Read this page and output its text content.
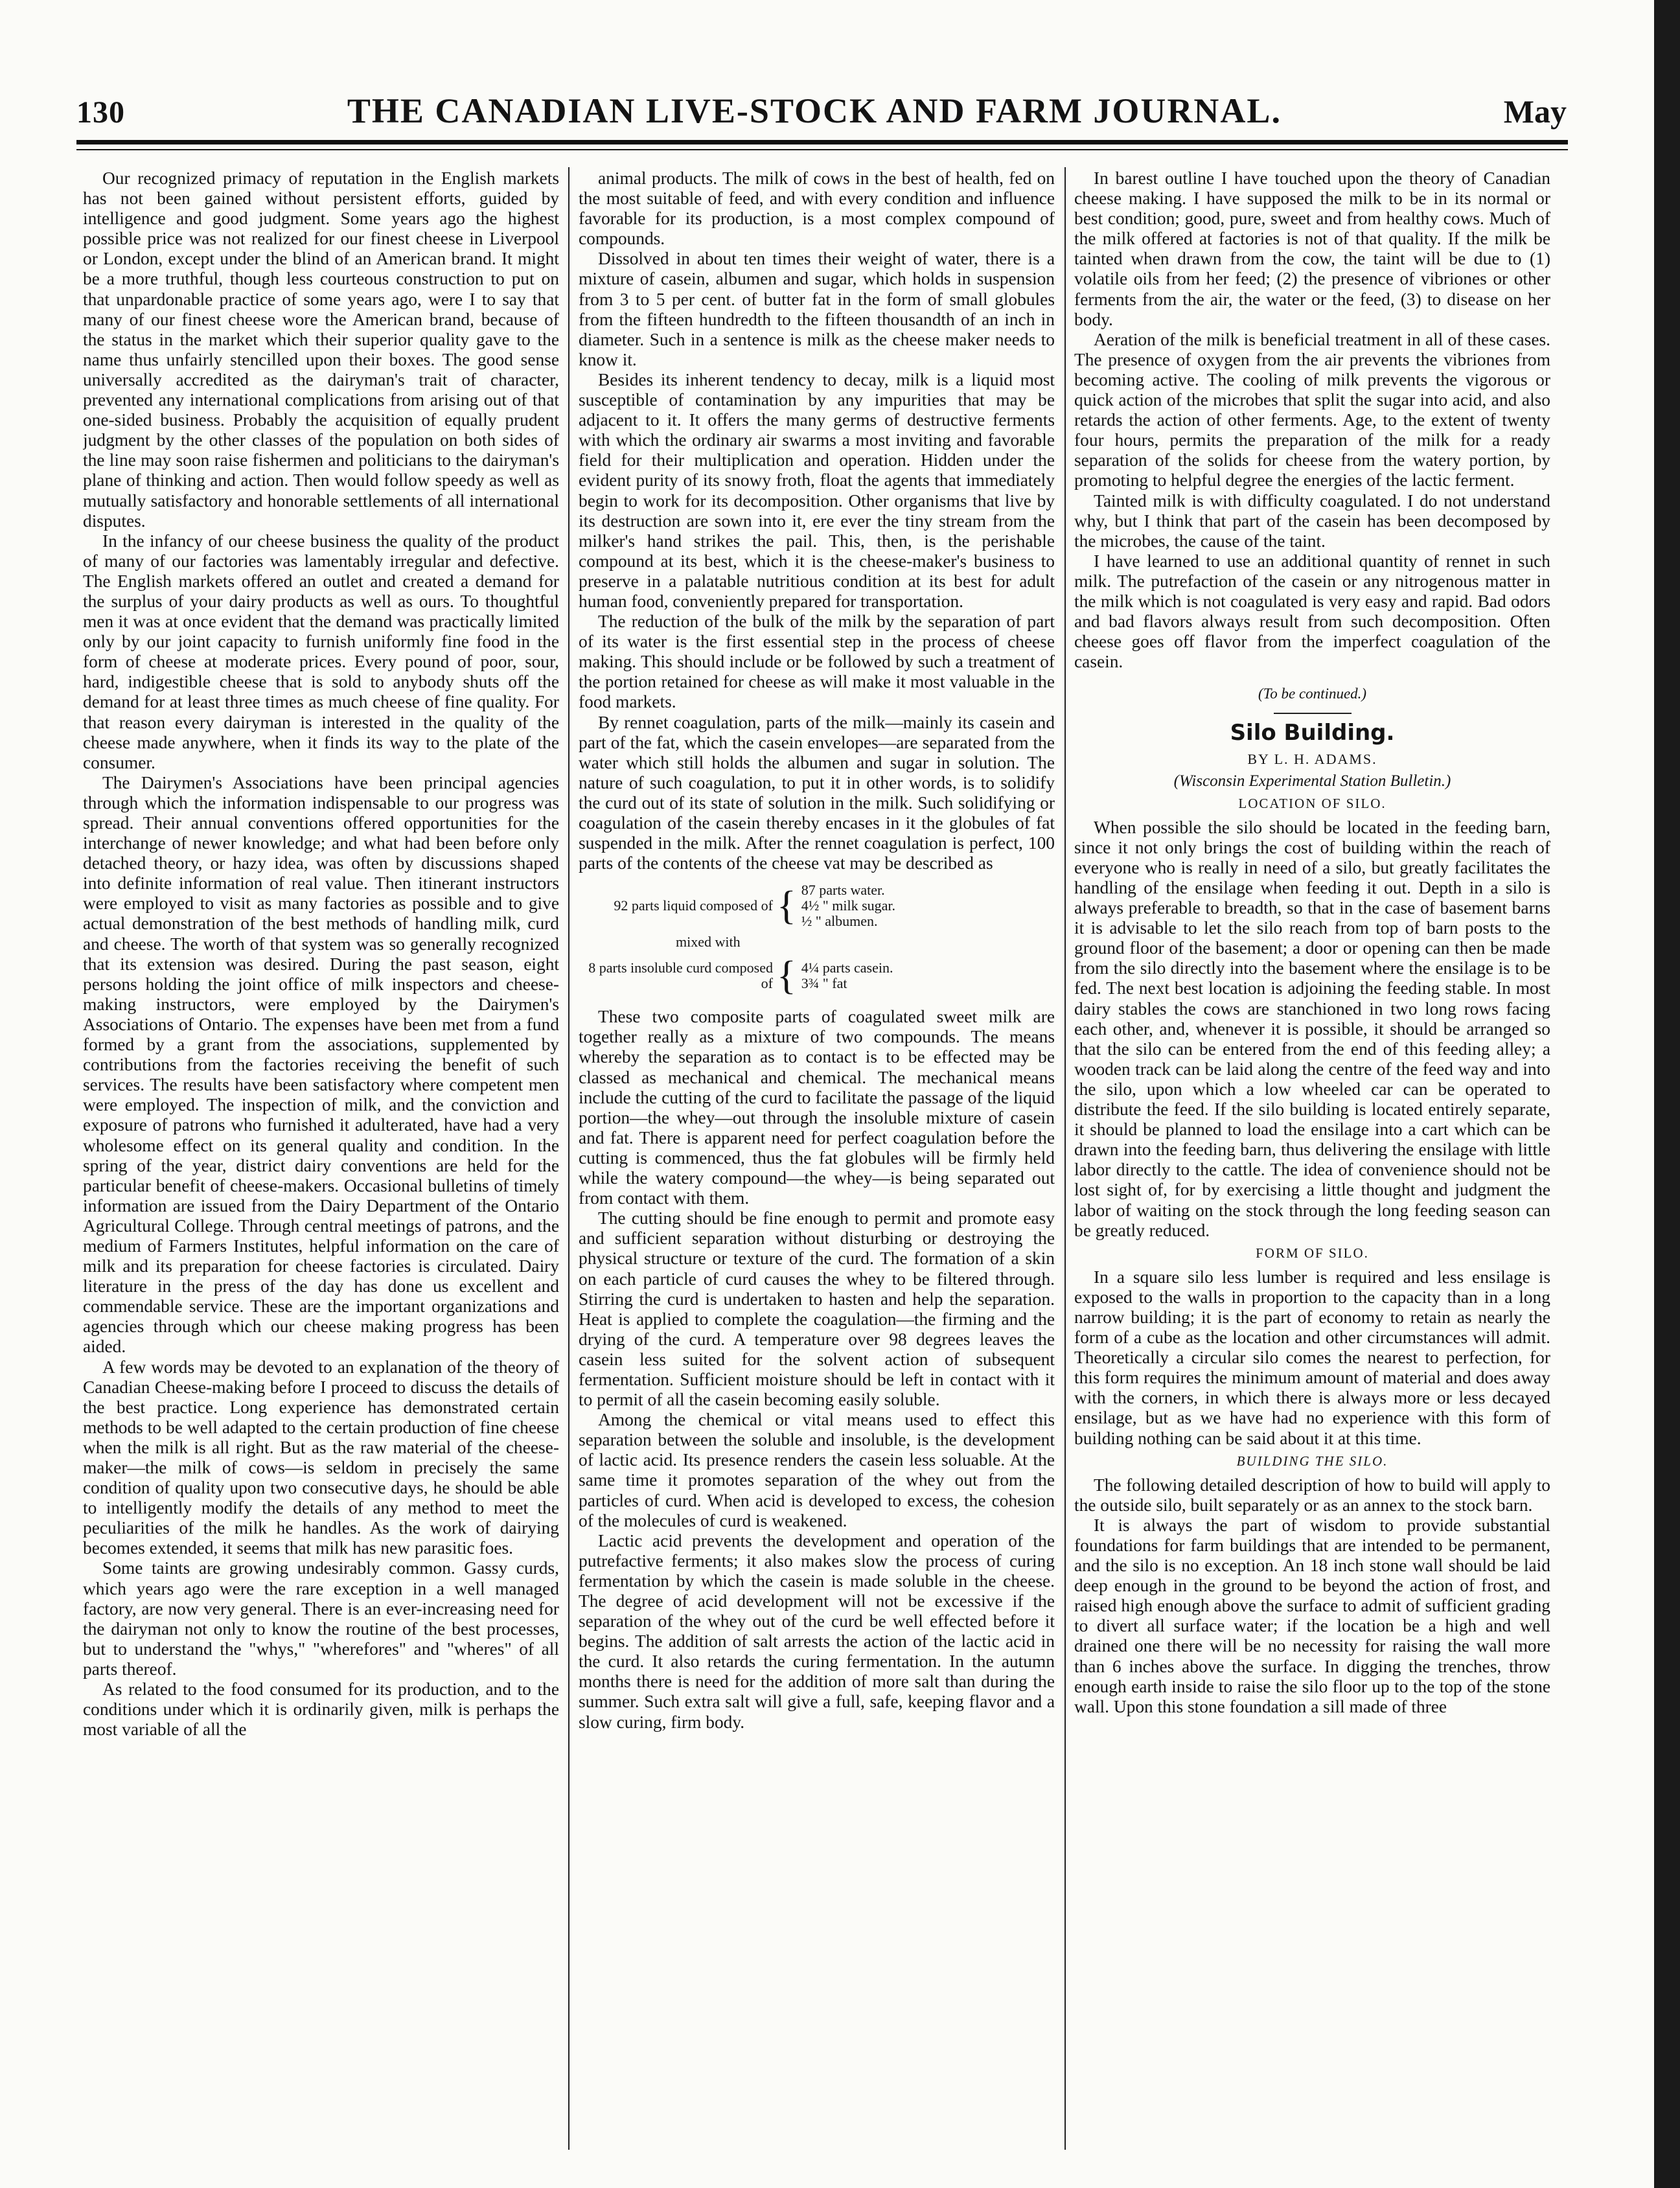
130	THE CANADIAN LIVE-STOCK AND FARM JOURNAL.	May

Our recognized primacy of reputation in the English markets has not been gained without persistent efforts, guided by intelligence and good judgment. Some years ago the highest possible price was not realized for our finest cheese in Liverpool or London, except under the blind of an American brand. It might be a more truthful, though less courteous construction to put on that unpardonable practice of some years ago, were I to say that many of our finest cheese wore the American brand, because of the status in the market which their superior quality gave to the name thus unfairly stencilled upon their boxes. The good sense universally accredited as the dairyman's trait of character, prevented any international complications from arising out of that one-sided business. Probably the acquisition of equally prudent judgment by the other classes of the population on both sides of the line may soon raise fishermen and politicians to the dairyman's plane of thinking and action. Then would follow speedy as well as mutually satisfactory and honorable settlements of all international disputes.

In the infancy of our cheese business the quality of the product of many of our factories was lamentably irregular and defective. The English markets offered an outlet and created a demand for the surplus of your dairy products as well as ours. To thoughtful men it was at once evident that the demand was practically limited only by our joint capacity to furnish uniformly fine food in the form of cheese at moderate prices. Every pound of poor, sour, hard, indigestible cheese that is sold to anybody shuts off the demand for at least three times as much cheese of fine quality. For that reason every dairyman is interested in the quality of the cheese made anywhere, when it finds its way to the plate of the consumer.

The Dairymen's Associations have been principal agencies through which the information indispensable to our progress was spread. Their annual conventions offered opportunities for the interchange of newer knowledge; and what had been before only detached theory, or hazy idea, was often by discussions shaped into definite information of real value. Then itinerant instructors were employed to visit as many factories as possible and to give actual demonstration of the best methods of handling milk, curd and cheese. The worth of that system was so generally recognized that its extension was desired. During the past season, eight persons holding the joint office of milk inspectors and cheese-making instructors, were employed by the Dairymen's Associations of Ontario. The expenses have been met from a fund formed by a grant from the associations, supplemented by contributions from the factories receiving the benefit of such services. The results have been satisfactory where competent men were employed. The inspection of milk, and the conviction and exposure of patrons who furnished it adulterated, have had a very wholesome effect on its general quality and condition. In the spring of the year, district dairy conventions are held for the particular benefit of cheese-makers. Occasional bulletins of timely information are issued from the Dairy Department of the Ontario Agricultural College. Through central meetings of patrons, and the medium of Farmers Institutes, helpful information on the care of milk and its preparation for cheese factories is circulated. Dairy literature in the press of the day has done us excellent and commendable service. These are the important organizations and agencies through which our cheese making progress has been aided.

A few words may be devoted to an explanation of the theory of Canadian Cheese-making before I proceed to discuss the details of the best practice. Long experience has demonstrated certain methods to be well adapted to the certain production of fine cheese when the milk is all right. But as the raw material of the cheese-maker—the milk of cows—is seldom in precisely the same condition of quality upon two consecutive days, he should be able to intelligently modify the details of any method to meet the peculiarities of the milk he handles. As the work of dairying becomes extended, it seems that milk has new parasitic foes.

Some taints are growing undesirably common. Gassy curds, which years ago were the rare exception in a well managed factory, are now very general. There is an ever-increasing need for the dairyman not only to know the routine of the best processes, but to understand the "whys," "wherefores" and "wheres" of all parts thereof.

As related to the food consumed for its production, and to the conditions under which it is ordinarily given, milk is perhaps the most variable of all the

animal products. The milk of cows in the best of health, fed on the most suitable of feed, and with every condition and influence favorable for its production, is a most complex compound of compounds.

Dissolved in about ten times their weight of water, there is a mixture of casein, albumen and sugar, which holds in suspension from 3 to 5 per cent. of butter fat in the form of small globules from the fifteen hundredth to the fifteen thousandth of an inch in diameter. Such in a sentence is milk as the cheese maker needs to know it.

Besides its inherent tendency to decay, milk is a liquid most susceptible of contamination by any impurities that may be adjacent to it. It offers the many germs of destructive ferments with which the ordinary air swarms a most inviting and favorable field for their multiplication and operation. Hidden under the evident purity of its snowy froth, float the agents that immediately begin to work for its decomposition. Other organisms that live by its destruction are sown into it, ere ever the tiny stream from the milker's hand strikes the pail. This, then, is the perishable compound at its best, which it is the cheese-maker's business to preserve in a palatable nutritious condition at its best for adult human food, conveniently prepared for transportation.

The reduction of the bulk of the milk by the separation of part of its water is the first essential step in the process of cheese making. This should include or be followed by such a treatment of the portion retained for cheese as will make it most valuable in the food markets.

By rennet coagulation, parts of the milk—mainly its casein and part of the fat, which the casein envelopes—are separated from the water which still holds the albumen and sugar in solution. The nature of such coagulation, to put it in other words, is to solidify the curd out of its state of solution in the milk. Such solidifying or coagulation of the casein thereby encases in it the globules of fat suspended in the milk. After the rennet coagulation is perfect, 100 parts of the contents of the cheese vat may be described as

92 parts liquid composed of { 87 parts water.
4½ " milk sugar.
½ " albumen.
mixed with
8 parts insoluble curd composed of { 4¼ parts casein.
3¾ " fat

These two composite parts of coagulated sweet milk are together really as a mixture of two compounds. The means whereby the separation as to contact is to be effected may be classed as mechanical and chemical. The mechanical means include the cutting of the curd to facilitate the passage of the liquid portion—the whey—out through the insoluble mixture of casein and fat. There is apparent need for perfect coagulation before the cutting is commenced, thus the fat globules will be firmly held while the watery compound—the whey—is being separated out from contact with them.

The cutting should be fine enough to permit and promote easy and sufficient separation without disturbing or destroying the physical structure or texture of the curd. The formation of a skin on each particle of curd causes the whey to be filtered through. Stirring the curd is undertaken to hasten and help the separation. Heat is applied to complete the coagulation—the firming and the drying of the curd. A temperature over 98 degrees leaves the casein less suited for the solvent action of subsequent fermentation. Sufficient moisture should be left in contact with it to permit of all the casein becoming easily soluble.

Among the chemical or vital means used to effect this separation between the soluble and insoluble, is the development of lactic acid. Its presence renders the casein less soluable. At the same time it promotes separation of the whey out from the particles of curd. When acid is developed to excess, the cohesion of the molecules of curd is weakened.

Lactic acid prevents the development and operation of the putrefactive ferments; it also makes slow the process of curing fermentation by which the casein is made soluble in the cheese. The degree of acid development will not be excessive if the separation of the whey out of the curd be well effected before it begins. The addition of salt arrests the action of the lactic acid in the curd. It also retards the curing fermentation. In the autumn months there is need for the addition of more salt than during the summer. Such extra salt will give a full, safe, keeping flavor and a slow curing, firm body.

In barest outline I have touched upon the theory of Canadian cheese making. I have supposed the milk to be in its normal or best condition; good, pure, sweet and from healthy cows. Much of the milk offered at factories is not of that quality. If the milk be tainted when drawn from the cow, the taint will be due to (1) volatile oils from her feed; (2) the presence of vibriones or other ferments from the air, the water or the feed, (3) to disease on her body.

Aeration of the milk is beneficial treatment in all of these cases. The presence of oxygen from the air prevents the vibriones from becoming active. The cooling of milk prevents the vigorous or quick action of the microbes that split the sugar into acid, and also retards the action of other ferments. Age, to the extent of twenty four hours, permits the preparation of the milk for a ready separation of the solids for cheese from the watery portion, by promoting to helpful degree the energies of the lactic ferment.

Tainted milk is with difficulty coagulated. I do not understand why, but I think that part of the casein has been decomposed by the microbes, the cause of the taint.

I have learned to use an additional quantity of rennet in such milk. The putrefaction of the casein or any nitrogenous matter in the milk which is not coagulated is very easy and rapid. Bad odors and bad flavors always result from such decomposition. Often cheese goes off flavor from the imperfect coagulation of the casein.

(To be continued.)
Silo Building.
BY L. H. ADAMS.
(Wisconsin Experimental Station Bulletin.)
LOCATION OF SILO.

When possible the silo should be located in the feeding barn, since it not only brings the cost of building within the reach of everyone who is really in need of a silo, but greatly facilitates the handling of the ensilage when feeding it out. Depth in a silo is always preferable to breadth, so that in the case of basement barns it is advisable to let the silo reach from top of barn posts to the ground floor of the basement; a door or opening can then be made from the silo directly into the basement where the ensilage is to be fed. The next best location is adjoining the feeding stable. In most dairy stables the cows are stanchioned in two long rows facing each other, and, whenever it is possible, it should be arranged so that the silo can be entered from the end of this feeding alley; a wooden track can be laid along the centre of the feed way and into the silo, upon which a low wheeled car can be operated to distribute the feed. If the silo building is located entirely separate, it should be planned to load the ensilage into a cart which can be drawn into the feeding barn, thus delivering the ensilage with little labor directly to the cattle. The idea of convenience should not be lost sight of, for by exercising a little thought and judgment the labor of waiting on the stock through the long feeding season can be greatly reduced.

FORM OF SILO.

In a square silo less lumber is required and less ensilage is exposed to the walls in proportion to the capacity than in a long narrow building; it is the part of economy to retain as nearly the form of a cube as the location and other circumstances will admit. Theoretically a circular silo comes the nearest to perfection, for this form requires the minimum amount of material and does away with the corners, in which there is always more or less decayed ensilage, but as we have had no experience with this form of building nothing can be said about it at this time.

BUILDING THE SILO.

The following detailed description of how to build will apply to the outside silo, built separately or as an annex to the stock barn.

It is always the part of wisdom to provide substantial foundations for farm buildings that are intended to be permanent, and the silo is no exception. An 18 inch stone wall should be laid deep enough in the ground to be beyond the action of frost, and raised high enough above the surface to admit of sufficient grading to divert all surface water; if the location be a high and well drained one there will be no necessity for raising the wall more than 6 inches above the surface. In digging the trenches, throw enough earth inside to raise the silo floor up to the top of the stone wall. Upon this stone foundation a sill made of three
